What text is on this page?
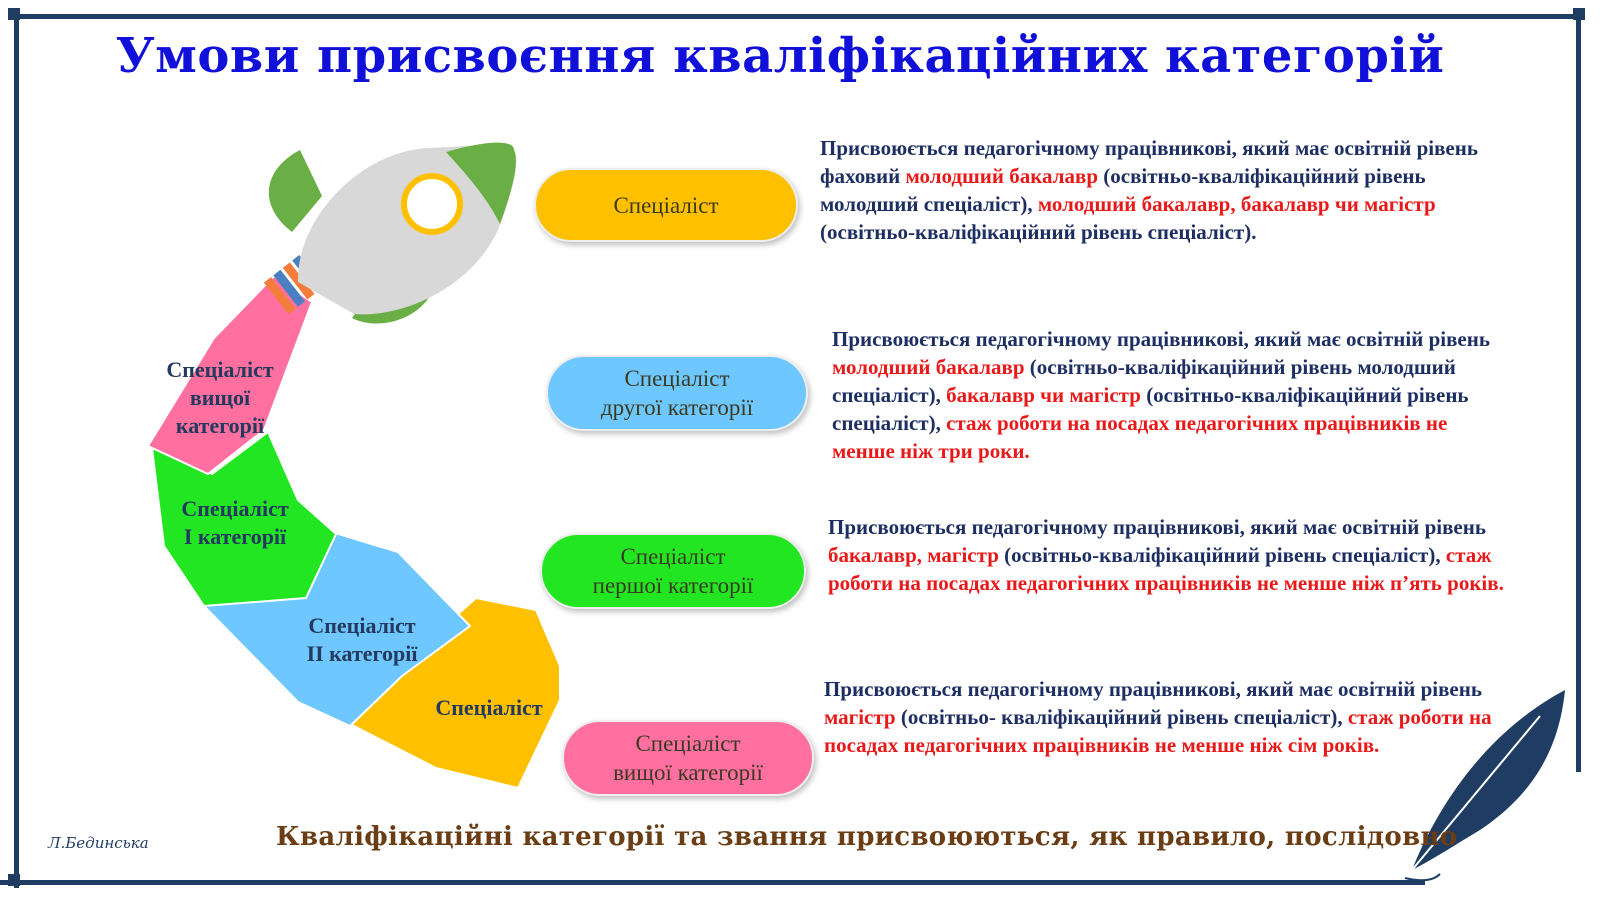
Умови присвоєння кваліфікаційних категорій
Спеціаліст
вищої
категорії
Спеціаліст
І категорії
Спеціаліст
ІІ категорії
Спеціаліст
Спеціаліст
Спеціаліст
другої категорії
Спеціаліст
першої категорії
Спеціаліст
вищої категорії
Присвоюється педагогічному працівникові, який має освітній рівень фаховий молодший бакалавр (освітньо-кваліфікаційний рівень молодший спеціаліст), молодший бакалавр, бакалавр чи магістр (освітньо-кваліфікаційний рівень спеціаліст).
Присвоюється педагогічному працівникові, який має освітній рівень молодший бакалавр (освітньо-кваліфікаційний рівень молодший спеціаліст), бакалавр чи магістр (освітньо-кваліфікаційний рівень спеціаліст), стаж роботи на посадах педагогічних працівників не менше ніж три роки.
Присвоюється педагогічному працівникові, який має освітній рівень бакалавр, магістр (освітньо-кваліфікаційний рівень спеціаліст), стаж роботи на посадах педагогічних працівників не менше ніж п’ять років.
Присвоюється педагогічному працівникові, який має освітній рівень магістр (освітньо- кваліфікаційний рівень спеціаліст), стаж роботи на посадах педагогічних працівників не менше ніж сім років.
Л.Бединська	Кваліфікаційні категорії та звання присвоюються, як правило, послідовно
